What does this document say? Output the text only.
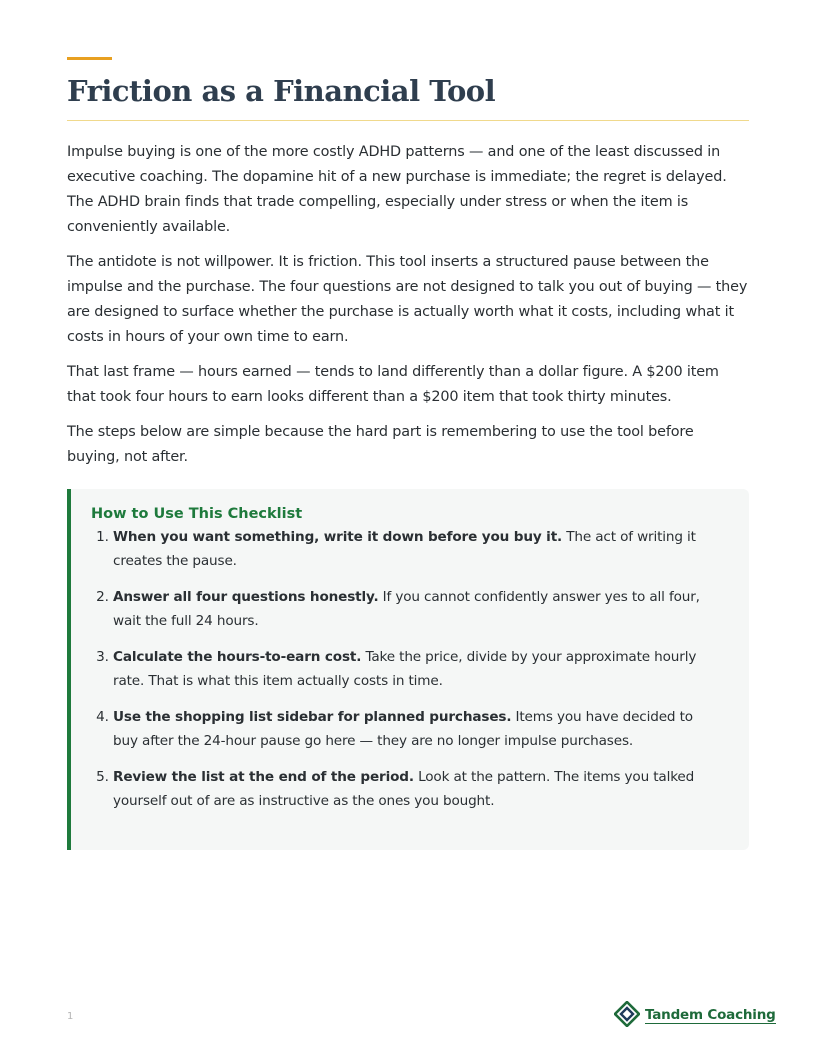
Friction as a Financial Tool

Impulse buying is one of the more costly ADHD patterns — and one of the least discussed in executive coaching. The dopamine hit of a new purchase is immediate; the regret is delayed. The ADHD brain finds that trade compelling, especially under stress or when the item is conveniently available.

The antidote is not willpower. It is friction. This tool inserts a structured pause between the impulse and the purchase. The four questions are not designed to talk you out of buying — they are designed to surface whether the purchase is actually worth what it costs, including what it costs in hours of your own time to earn.

That last frame — hours earned — tends to land differently than a dollar figure. A $200 item that took four hours to earn looks different than a $200 item that took thirty minutes.

The steps below are simple because the hard part is remembering to use the tool before buying, not after.

How to Use This Checklist
1. When you want something, write it down before you buy it. The act of writing it creates the pause.
2. Answer all four questions honestly. If you cannot confidently answer yes to all four, wait the full 24 hours.
3. Calculate the hours-to-earn cost. Take the price, divide by your approximate hourly rate. That is what this item actually costs in time.
4. Use the shopping list sidebar for planned purchases. Items you have decided to buy after the 24-hour pause go here — they are no longer impulse purchases.
5. Review the list at the end of the period. Look at the pattern. The items you talked yourself out of are as instructive as the ones you bought.
1	Tandem Coaching
